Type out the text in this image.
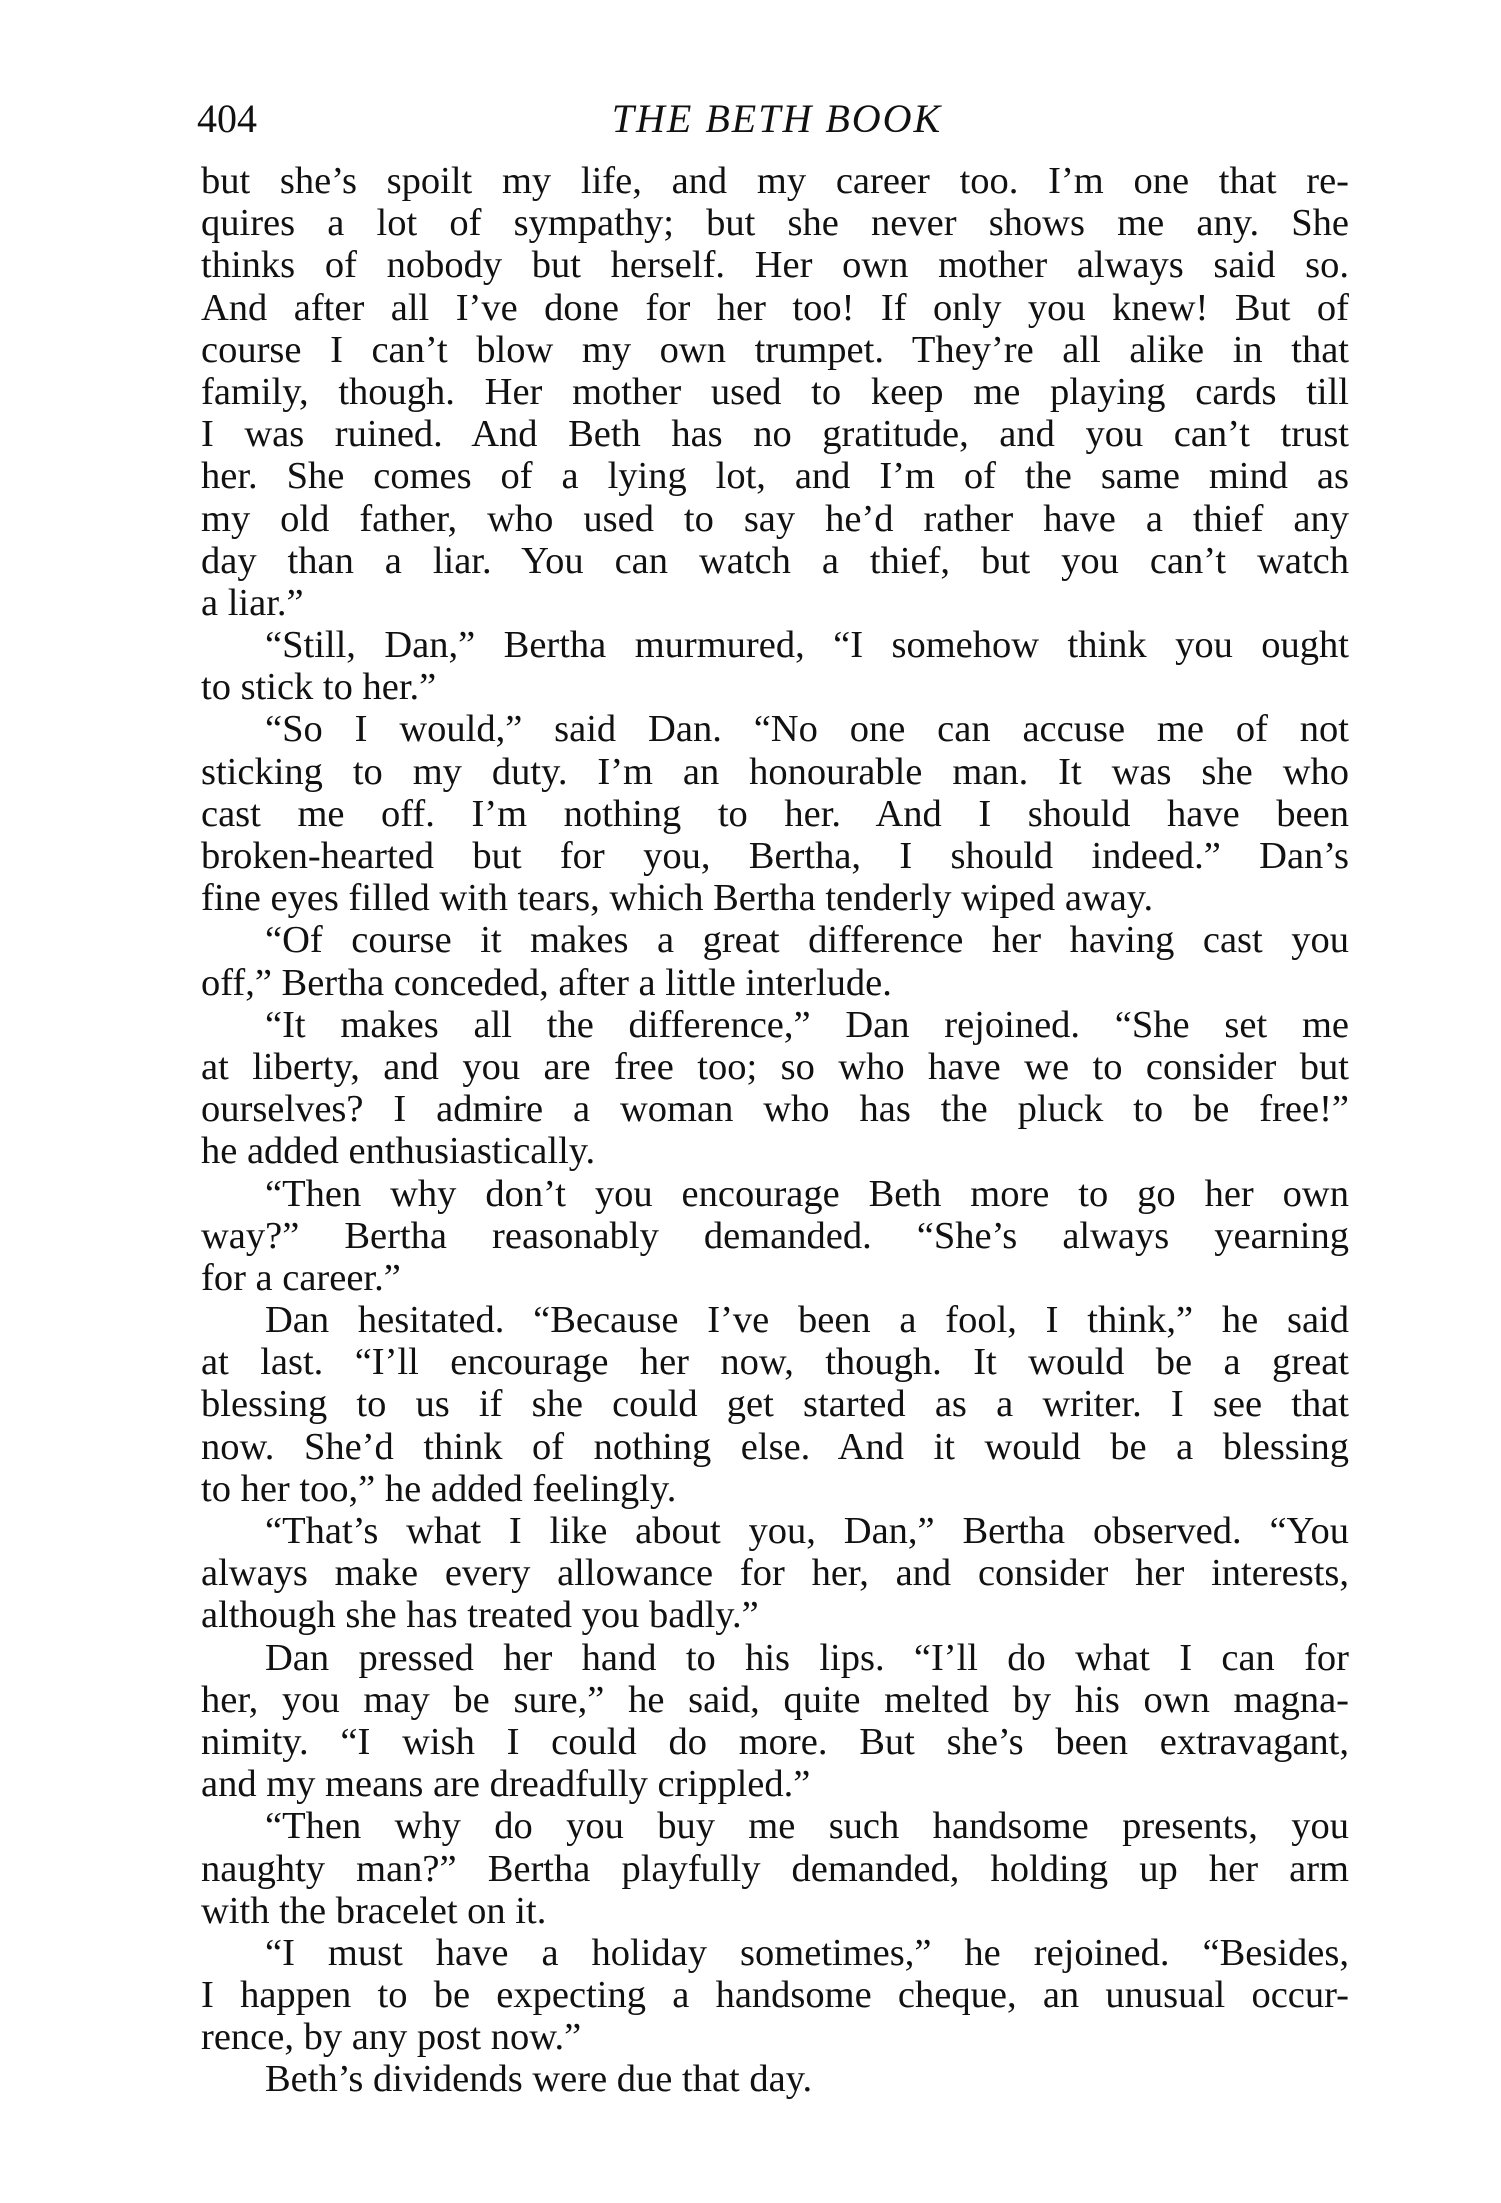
404	THE BETH BOOK
but she’s spoilt my life, and my career too. I’m one that re-
quires a lot of sympathy; but she never shows me any. She
thinks of nobody but herself. Her own mother always said so.
And after all I’ve done for her too! If only you knew! But of
course I can’t blow my own trumpet. They’re all alike in that
family, though. Her mother used to keep me playing cards till
I was ruined. And Beth has no gratitude, and you can’t trust
her. She comes of a lying lot, and I’m of the same mind as
my old father, who used to say he’d rather have a thief any
day than a liar. You can watch a thief, but you can’t watch
a liar.”
“Still, Dan,” Bertha murmured, “I somehow think you ought
to stick to her.”
“So I would,” said Dan. “No one can accuse me of not
sticking to my duty. I’m an honourable man. It was she who
cast me off. I’m nothing to her. And I should have been
broken-hearted but for you, Bertha, I should indeed.” Dan’s
fine eyes filled with tears, which Bertha tenderly wiped away.
“Of course it makes a great difference her having cast you
off,” Bertha conceded, after a little interlude.
“It makes all the difference,” Dan rejoined. “She set me
at liberty, and you are free too; so who have we to consider but
ourselves? I admire a woman who has the pluck to be free!”
he added enthusiastically.
“Then why don’t you encourage Beth more to go her own
way?” Bertha reasonably demanded. “She’s always yearning
for a career.”
Dan hesitated. “Because I’ve been a fool, I think,” he said
at last. “I’ll encourage her now, though. It would be a great
blessing to us if she could get started as a writer. I see that
now. She’d think of nothing else. And it would be a blessing
to her too,” he added feelingly.
“That’s what I like about you, Dan,” Bertha observed. “You
always make every allowance for her, and consider her interests,
although she has treated you badly.”
Dan pressed her hand to his lips. “I’ll do what I can for
her, you may be sure,” he said, quite melted by his own magna-
nimity. “I wish I could do more. But she’s been extravagant,
and my means are dreadfully crippled.”
“Then why do you buy me such handsome presents, you
naughty man?” Bertha playfully demanded, holding up her arm
with the bracelet on it.
“I must have a holiday sometimes,” he rejoined. “Besides,
I happen to be expecting a handsome cheque, an unusual occur-
rence, by any post now.”
Beth’s dividends were due that day.
